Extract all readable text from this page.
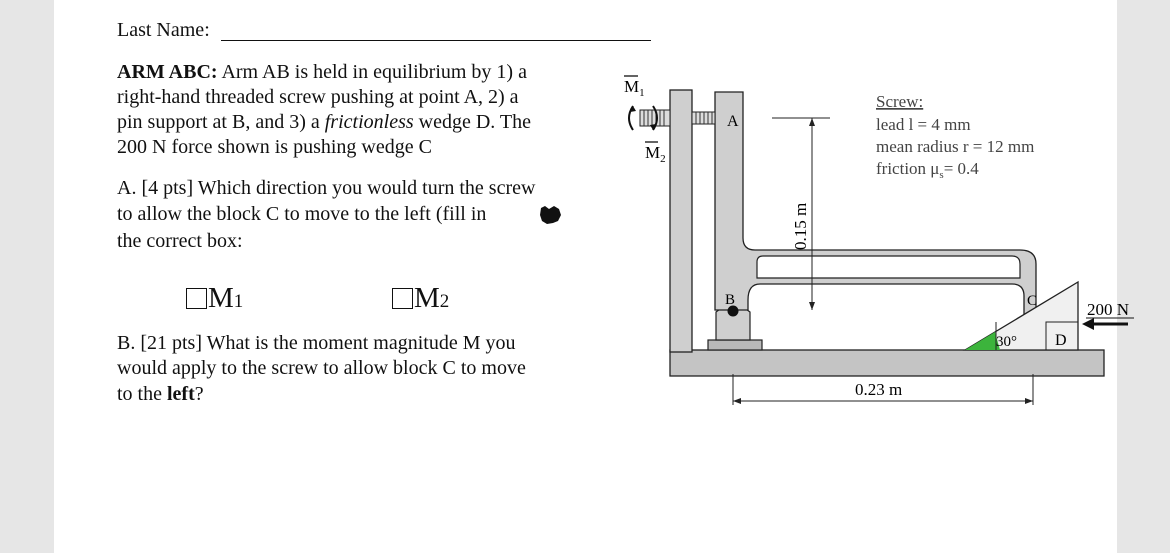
Last Name:
ARM ABC: Arm AB is held in equilibrium by 1) a
right-hand threaded screw pushing at point A, 2) a
pin support at B, and 3) a frictionless wedge D. The
200 N force shown is pushing wedge C
A. [4 pts] Which direction you would turn the screw
to allow the block C to move to the left (fill in
the correct box:
M1	M2
B. [21 pts] What is the moment magnitude M you
would apply to the screw to allow block C to move
to the left?
$M_1$
$M_2$
A
B
0.15 m
0.23 m
D
30°
C	200 N
Screw:
lead l = 4 mm
mean radius r = 12 mm
friction $\mu_s= 0.4$
